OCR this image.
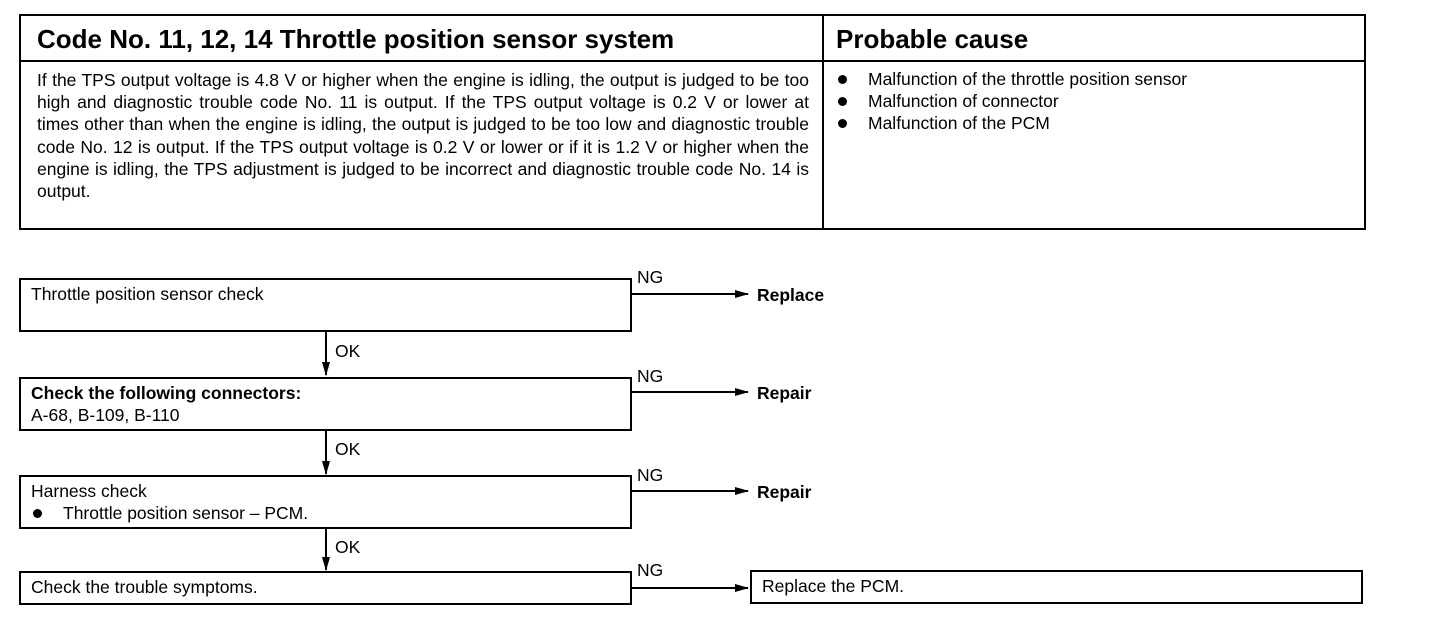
Code No. 11, 12, 14 Throttle position sensor system	Probable cause
If the TPS output voltage is 4.8 V or higher when the engine is idling, the output is judged to be too high and diagnostic trouble code No. 11 is output. If the TPS output voltage is 0.2 V or lower at times other than when the engine is idling, the output is judged to be too low and diagnostic trouble code No. 12 is output. If the TPS output voltage is 0.2 V or lower or if it is 1.2 V or higher when the engine is idling, the TPS adjustment is judged to be incorrect and diagnostic trouble code No. 14 is output.
Malfunction of the throttle position sensor
Malfunction of connector
Malfunction of the PCM
Throttle position sensor check
Check the following connectors:
A-68, B-109, B-110
Harness check
Throttle position sensor – PCM.
Check the trouble symptoms.	Replace the PCM.
NG
NG
NG
NG
OK
OK
OK
Replace
Repair
Repair
